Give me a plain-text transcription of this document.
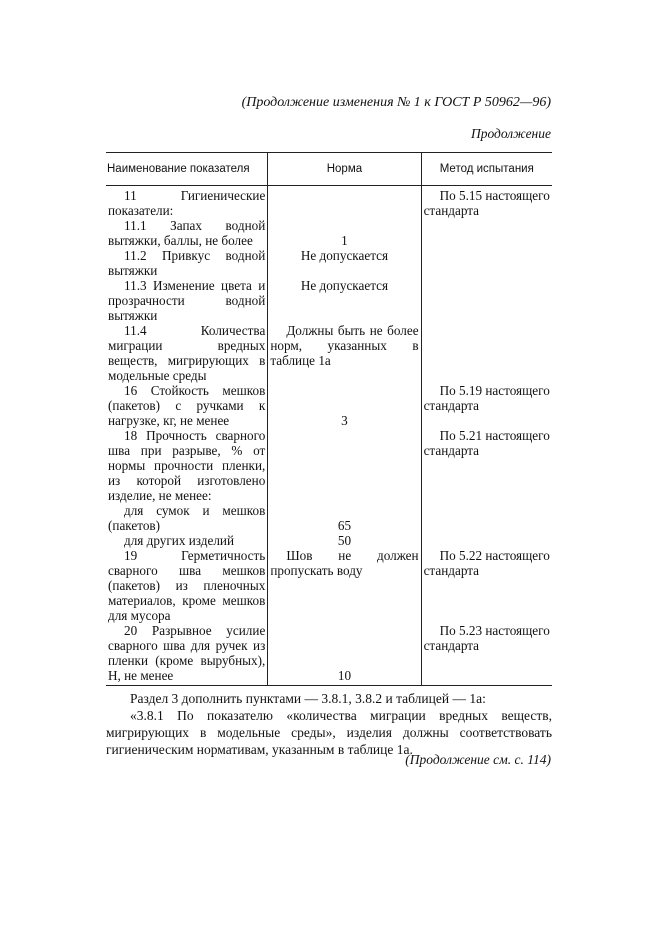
(Продолжение изменения № 1 к ГОСТ Р 50962—96)
Продолжение
Наименование показателя	Норма	Метод испытания
11 Гигиенические показатели:		По 5.15 настоящего стандарта
11.1 Запах водной вытяжки, баллы, не более	1	
11.2 Привкус водной вытяжки	Не допускается	
11.3 Изменение цвета и прозрачности водной вытяжки	Не допускается	
11.4 Количества миграции вредных веществ, мигрирующих в модельные среды	Должны быть не более норм, указанных в таблице 1а	
16 Стойкость мешков (пакетов) с ручками к нагрузке, кг, не менее	3	По 5.19 настоящего стандарта
18 Прочность сварного шва при разрыве, % от нормы прочности пленки, из которой изготовлено изделие, не менее:		По 5.21 настоящего стандарта
для сумок и мешков (пакетов)	65	
для других изделий	50	
19 Герметичность сварного шва мешков (пакетов) из пленочных материалов, кроме мешков для мусора	Шов не должен пропускать воду	По 5.22 настоящего стандарта
20 Разрывное усилие сварного шва для ручек из пленки (кроме вырубных), Н, не менее	10	По 5.23 настоящего стандарта

Раздел 3 дополнить пунктами — 3.8.1, 3.8.2 и таблицей — 1а:

«3.8.1 По показателю «количества миграции вредных веществ, мигрирующих в модельные среды», изделия должны соответствовать гигиеническим нормативам, указанным в таблице 1а.

(Продолжение см. с. 114)
